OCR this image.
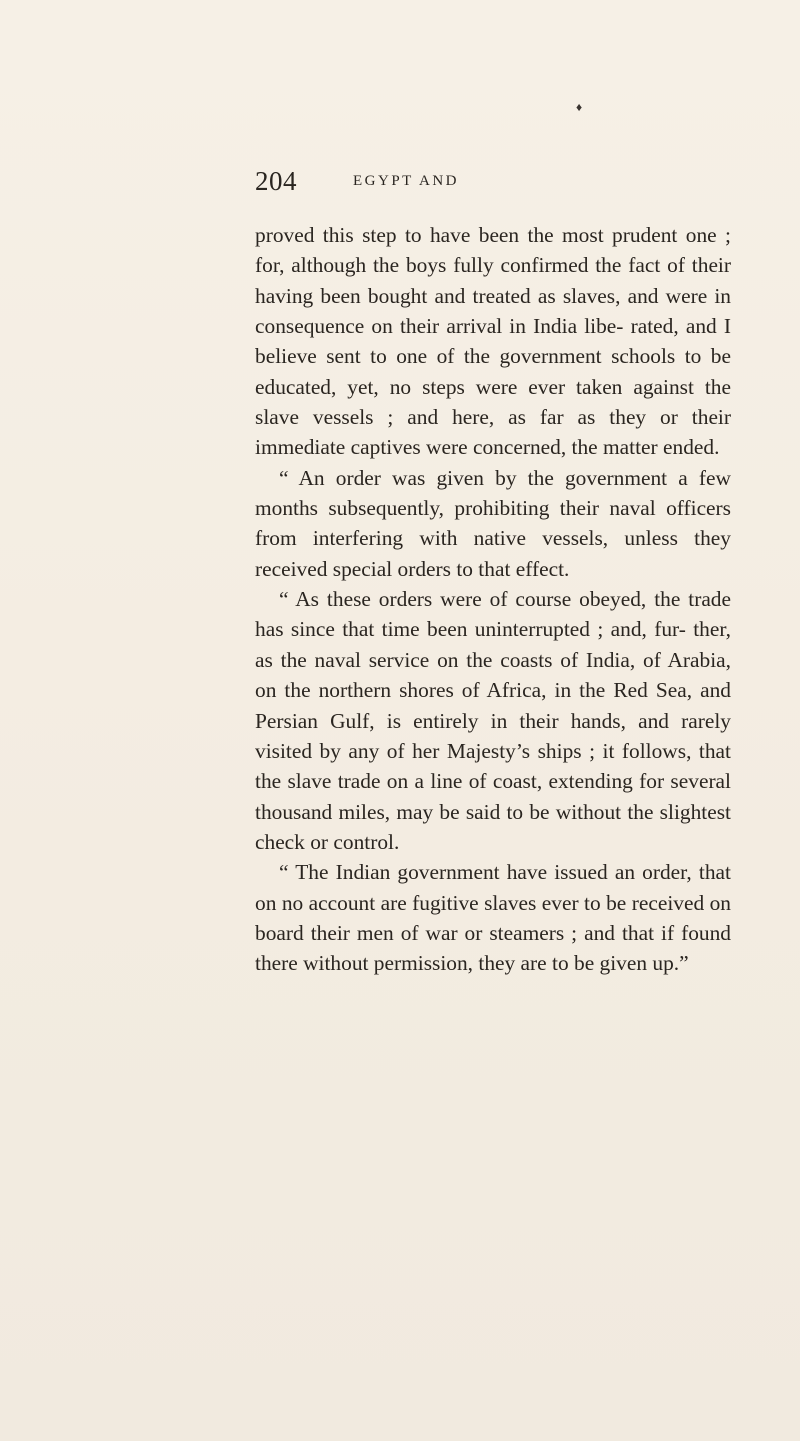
♦
204	EGYPT AND

proved this step to have been the most prudent one ; for, although the boys fully confirmed the fact of their having been bought and treated as slaves, and were in consequence on their arrival in India libe- rated, and I believe sent to one of the government schools to be educated, yet, no steps were ever taken against the slave vessels ; and here, as far as they or their immediate captives were concerned, the matter ended.

“ An order was given by the government a few months subsequently, prohibiting their naval officers from interfering with native vessels, unless they received special orders to that effect.

“ As these orders were of course obeyed, the trade has since that time been uninterrupted ; and, fur- ther, as the naval service on the coasts of India, of Arabia, on the northern shores of Africa, in the Red Sea, and Persian Gulf, is entirely in their hands, and rarely visited by any of her Majesty’s ships ; it follows, that the slave trade on a line of coast, extending for several thousand miles, may be said to be without the slightest check or control.

“ The Indian government have issued an order, that on no account are fugitive slaves ever to be received on board their men of war or steamers ; and that if found there without permission, they are to be given up.”
